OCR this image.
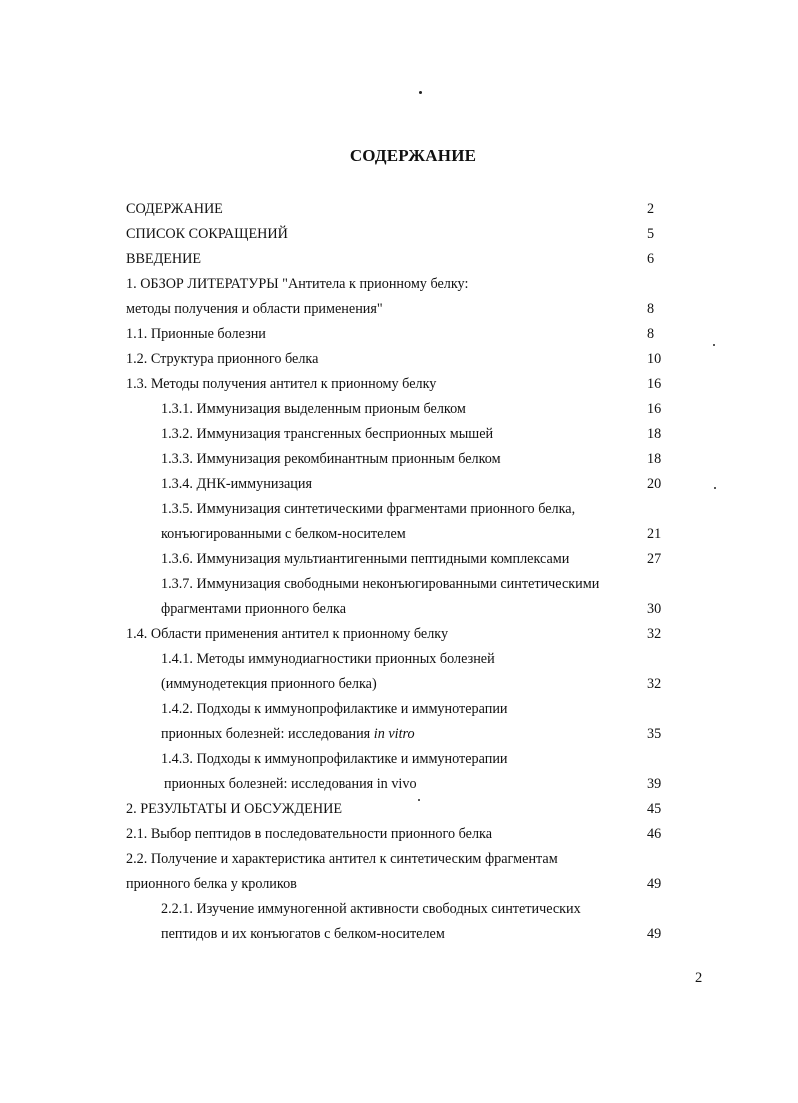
СОДЕРЖАНИЕ
СОДЕРЖАНИЕ	2
СПИСОК СОКРАЩЕНИЙ	5
ВВЕДЕНИЕ	6
1. ОБЗОР ЛИТЕРАТУРЫ "Антитела к прионному белку:
методы получения и области применения"	8
1.1. Прионные болезни	8
1.2. Структура прионного белка	10
1.3. Методы получения антител к прионному белку	16
1.3.1. Иммунизация выделенным прионым белком	16
1.3.2. Иммунизация трансгенных бесприонных мышей	18
1.3.3. Иммунизация рекомбинантным прионным белком	18
1.3.4. ДНК-иммунизация	20
1.3.5. Иммунизация синтетическими фрагментами прионного белка,
конъюгированными с белком-носителем	21
1.3.6. Иммунизация мультиантигенными пептидными комплексами	27
1.3.7. Иммунизация свободными неконъюгированными синтетическими
фрагментами прионного белка	30
1.4. Области применения антител к прионному белку	32
1.4.1. Методы иммунодиагностики прионных болезней
(иммунодетекция прионного белка)	32
1.4.2. Подходы к иммунопрофилактике и иммунотерапии
прионных болезней: исследования in vitro	35
1.4.3. Подходы к иммунопрофилактике и иммунотерапии
прионных болезней: исследования in vivo	39
2. РЕЗУЛЬТАТЫ И ОБСУЖДЕНИЕ	45
2.1. Выбор пептидов в последовательности прионного белка	46
2.2. Получение и характеристика антител к синтетическим фрагментам
прионного белка у кроликов	49
2.2.1. Изучение иммуногенной активности свободных синтетических
пептидов и их конъюгатов с белком-носителем	49
2
